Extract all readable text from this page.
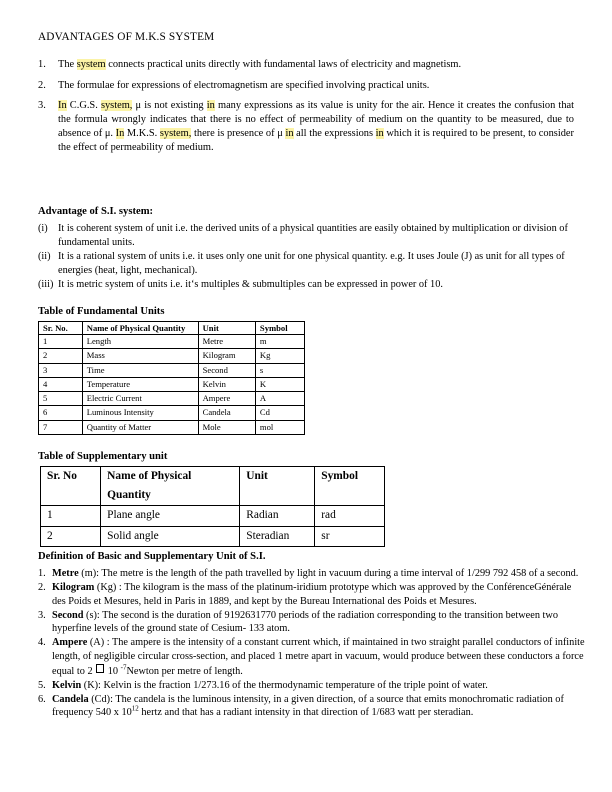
ADVANTAGES OF M.K.S SYSTEM
1.	The system connects practical units directly with fundamental laws of electricity and magnetism.
2.	The formulae for expressions of electromagnetism are specified involving practical units.
3.	In C.G.S. system, μ is not existing in many expressions as its value is unity for the air. Hence it creates the confusion that the formula wrongly indicates that there is no effect of permeability of medium on the quantity to be measured, due to absence of μ. In M.K.S. system, there is presence of μ in all the expressions in which it is required to be present, to consider the effect of permeability of medium.
Advantage of S.I. system:
(i) It is coherent system of unit i.e. the derived units of a physical quantities are easily obtained by multiplication or division of fundamental units.
(ii) It is a rational system of units i.e. it uses only one unit for one physical quantity. e.g. It uses Joule (J) as unit for all types of energies (heat, light, mechanical).
(iii) It is metric system of units i.e. it‘s multiples & submultiples can be expressed in power of 10.
Table of Fundamental Units
Sr. No.	Name of Physical Quantity	Unit	Symbol
1	Length	Metre	m
2	Mass	Kilogram	Kg
3	Time	Second	s
4	Temperature	Kelvin	K
5	Electric Current	Ampere	A
6	Luminous Intensity	Candela	Cd
7	Quantity of Matter	Mole	mol
Table of Supplementary unit
Sr. No	Name of Physical Quantity	Unit	Symbol
1	Plane angle	Radian	rad
2	Solid angle	Steradian	sr
Definition of Basic and Supplementary Unit of S.I.
1. Metre (m): The metre is the length of the path travelled by light in vacuum during a time interval of 1/299 792 458 of a second.
2. Kilogram (Kg) : The kilogram is the mass of the platinum-iridium prototype which was approved by the ConférenceGénérale des Poids et Mesures, held in Paris in 1889, and kept by the Bureau International des Poids et Mesures.
3. Second (s): The second is the duration of 9192631770 periods of the radiation corresponding to the transition between two hyperfine levels of the ground state of Cesium- 133 atom.
4. Ampere (A) : The ampere is the intensity of a constant current which, if maintained in two straight parallel conductors of infinite length, of negligible circular cross-section, and placed 1 metre apart in vacuum, would produce between these conductors a force equal to 2  10 $^{-7}$Newton per metre of length.
5. Kelvin (K): Kelvin is the fraction 1/273.16 of the thermodynamic temperature of the triple point of water.
6. Candela (Cd): The candela is the luminous intensity, in a given direction, of a source that emits monochromatic radiation of frequency 540 x $10^{12}$ hertz and that has a radiant intensity in that direction of 1/683 watt per steradian.
